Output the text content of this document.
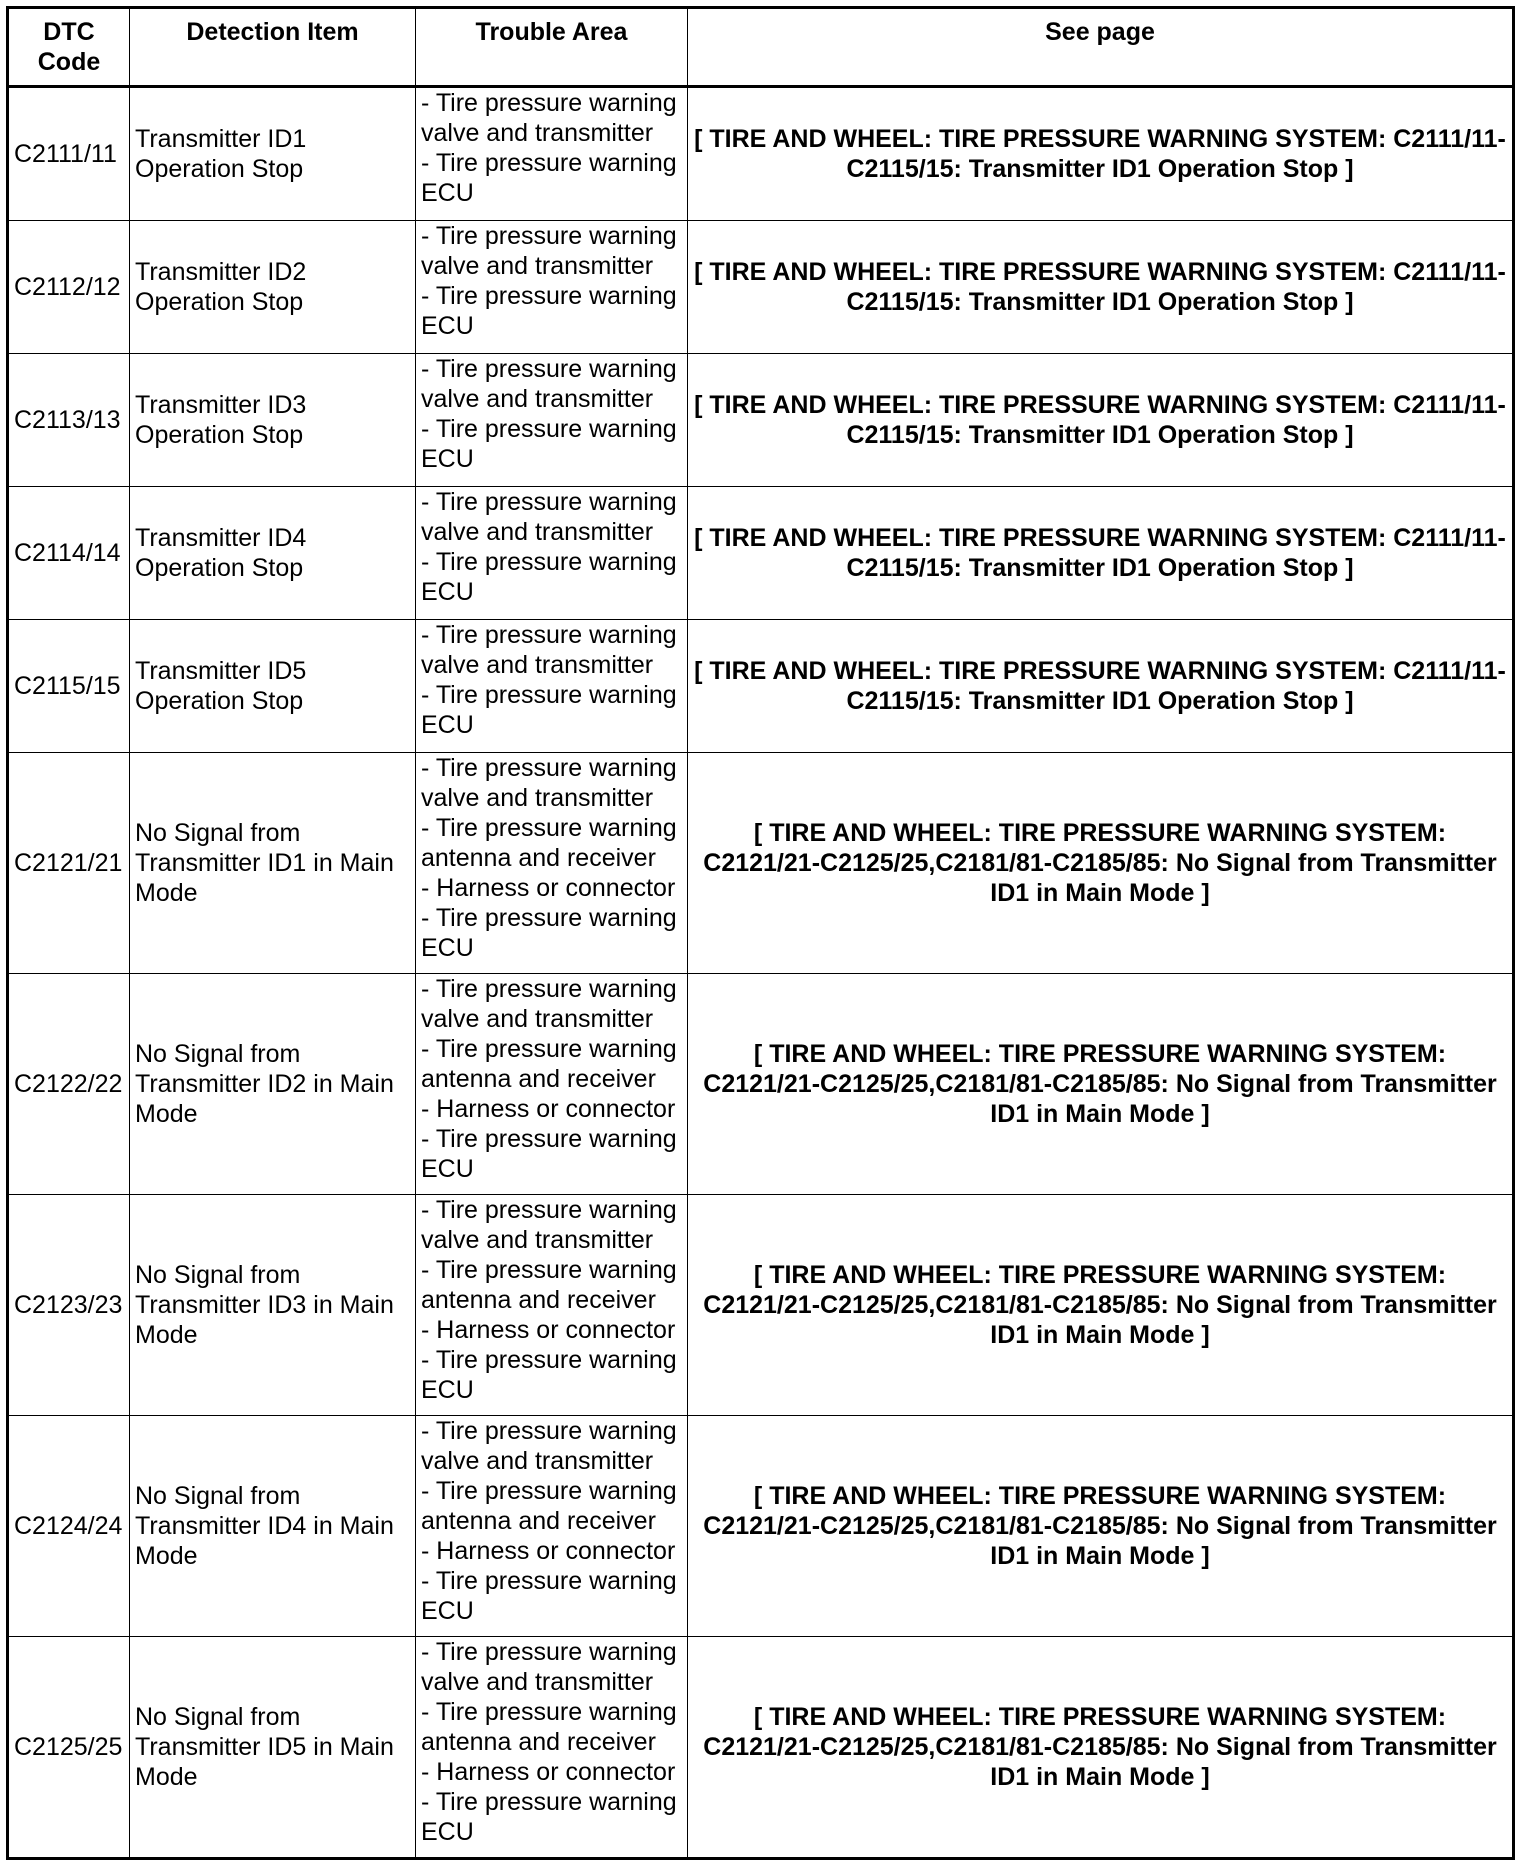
DTC
Code	Detection Item	Trouble Area	See page
C2111/11	Transmitter ID1 Operation Stop	- Tire pressure warning valve and transmitter
- Tire pressure warning ECU	[ TIRE AND WHEEL: TIRE PRESSURE WARNING SYSTEM: C2111/11-C2115/15: Transmitter ID1 Operation Stop ]
C2112/12	Transmitter ID2 Operation Stop	- Tire pressure warning valve and transmitter
- Tire pressure warning ECU	[ TIRE AND WHEEL: TIRE PRESSURE WARNING SYSTEM: C2111/11-C2115/15: Transmitter ID1 Operation Stop ]
C2113/13	Transmitter ID3 Operation Stop	- Tire pressure warning valve and transmitter
- Tire pressure warning ECU	[ TIRE AND WHEEL: TIRE PRESSURE WARNING SYSTEM: C2111/11-C2115/15: Transmitter ID1 Operation Stop ]
C2114/14	Transmitter ID4 Operation Stop	- Tire pressure warning valve and transmitter
- Tire pressure warning ECU	[ TIRE AND WHEEL: TIRE PRESSURE WARNING SYSTEM: C2111/11-C2115/15: Transmitter ID1 Operation Stop ]
C2115/15	Transmitter ID5 Operation Stop	- Tire pressure warning valve and transmitter
- Tire pressure warning ECU	[ TIRE AND WHEEL: TIRE PRESSURE WARNING SYSTEM: C2111/11-C2115/15: Transmitter ID1 Operation Stop ]
C2121/21	No Signal from Transmitter ID1 in Main Mode	- Tire pressure warning valve and transmitter
- Tire pressure warning antenna and receiver
- Harness or connector
- Tire pressure warning ECU	[ TIRE AND WHEEL: TIRE PRESSURE WARNING SYSTEM: C2121/21-C2125/25,C2181/81-C2185/85: No Signal from Transmitter ID1 in Main Mode ]
C2122/22	No Signal from Transmitter ID2 in Main Mode	- Tire pressure warning valve and transmitter
- Tire pressure warning antenna and receiver
- Harness or connector
- Tire pressure warning ECU	[ TIRE AND WHEEL: TIRE PRESSURE WARNING SYSTEM: C2121/21-C2125/25,C2181/81-C2185/85: No Signal from Transmitter ID1 in Main Mode ]
C2123/23	No Signal from Transmitter ID3 in Main Mode	- Tire pressure warning valve and transmitter
- Tire pressure warning antenna and receiver
- Harness or connector
- Tire pressure warning ECU	[ TIRE AND WHEEL: TIRE PRESSURE WARNING SYSTEM: C2121/21-C2125/25,C2181/81-C2185/85: No Signal from Transmitter ID1 in Main Mode ]
C2124/24	No Signal from Transmitter ID4 in Main Mode	- Tire pressure warning valve and transmitter
- Tire pressure warning antenna and receiver
- Harness or connector
- Tire pressure warning ECU	[ TIRE AND WHEEL: TIRE PRESSURE WARNING SYSTEM: C2121/21-C2125/25,C2181/81-C2185/85: No Signal from Transmitter ID1 in Main Mode ]
C2125/25	No Signal from Transmitter ID5 in Main Mode	- Tire pressure warning valve and transmitter
- Tire pressure warning antenna and receiver
- Harness or connector
- Tire pressure warning ECU	[ TIRE AND WHEEL: TIRE PRESSURE WARNING SYSTEM: C2121/21-C2125/25,C2181/81-C2185/85: No Signal from Transmitter ID1 in Main Mode ]
